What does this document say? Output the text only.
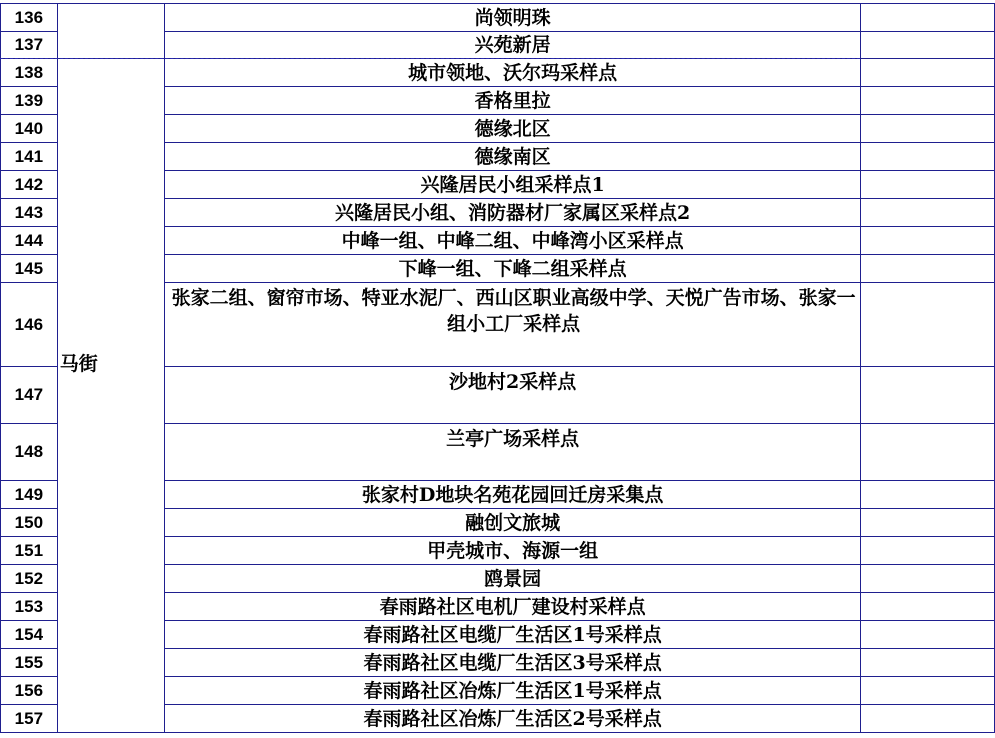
136		尚领明珠	
137		兴苑新居	
138	马街	城市领地、沃尔玛采样点	
139		香格里拉	
140		德缘北区	
141		德缘南区	
142		兴隆居民小组采样点1	
143		兴隆居民小组、消防器材厂家属区采样点2	
144		中峰一组、中峰二组、中峰湾小区采样点	
145		下峰一组、下峰二组采样点	
146		张家二组、窗帘市场、特亚水泥厂、西山区职业高级中学、天悦广告市场、张家一组小工厂采样点	
147		沙地村2采样点	
148		兰亭广场采样点	
149		张家村D地块名苑花园回迁房采集点	
150		融创文旅城	
151		甲壳城市、海源一组	
152		鸥景园	
153		春雨路社区电机厂建设村采样点	
154		春雨路社区电缆厂生活区1号采样点	
155		春雨路社区电缆厂生活区3号采样点	
156		春雨路社区冶炼厂生活区1号采样点	
157		春雨路社区冶炼厂生活区2号采样点	
